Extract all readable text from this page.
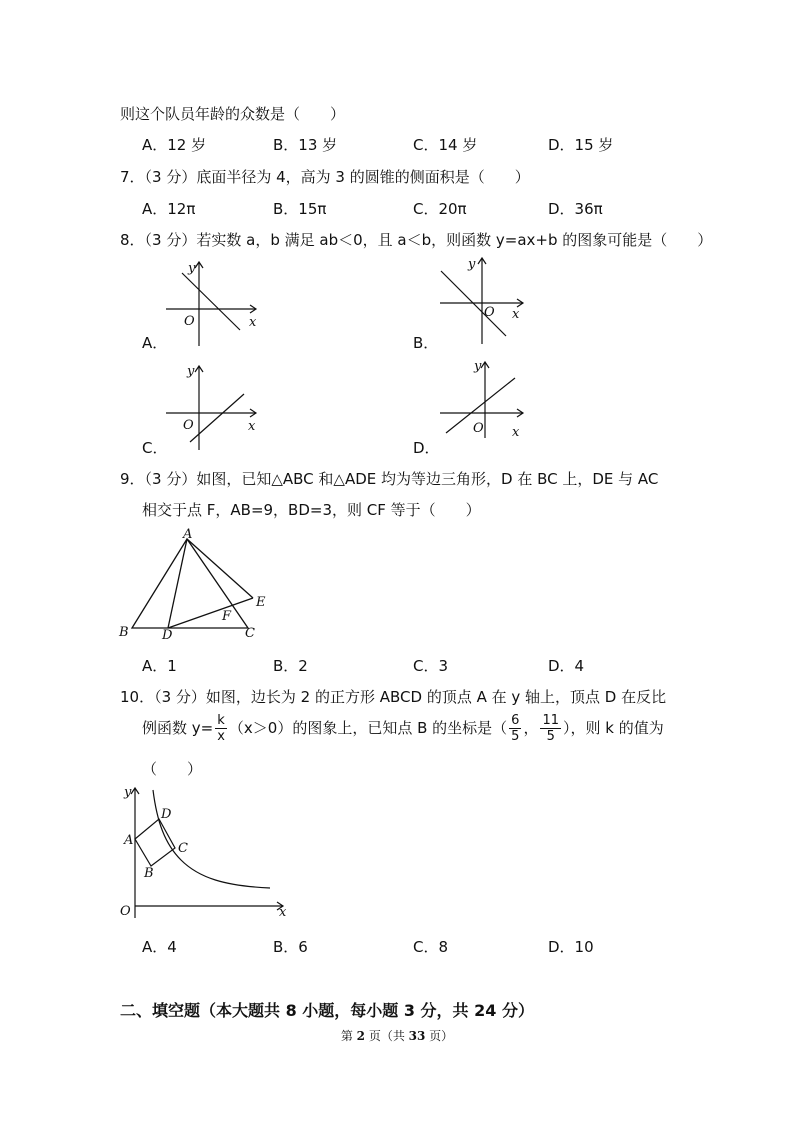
则这个队员年龄的众数是（　　）
A．12 岁	B．13 岁	C．14 岁	D．15 岁
7．（3 分）底面半径为 4，高为 3 的圆锥的侧面积是（　　）
A．12π	B．15π	C．20π	D．36π
8．（3 分）若实数 a，b 满足 ab＜0，且 a＜b，则函数 y=ax+b 的图象可能是（　　）
y
O	x
A．
y
O x
B．
y
O	x
C．
y
O x
D．
9．（3 分）如图，已知△ABC 和△ADE 均为等边三角形，D 在 BC 上，DE 与 AC
相交于点 F，AB=9，BD=3，则 CF 等于（　　）
A
B	D	C
E
F
A．1	B．2	C．3	D．4
10．（3 分）如图，边长为 2 的正方形 ABCD 的顶点 A 在 y 轴上，顶点 D 在反比
例函数 $y= \frac{k}{x} (x>0)$的图象上，已知点 B 的坐标是（ $\frac{6}{5}$ ， $\frac{11}{5}$ ），则 k 的值为
（　　）
y
A
D
C
B
O	x
A．4	B．6	C．8	D．10
二、填空题（本大题共 8 小题，每小题 3 分，共 24 分）
第 2 页（共 33 页）
